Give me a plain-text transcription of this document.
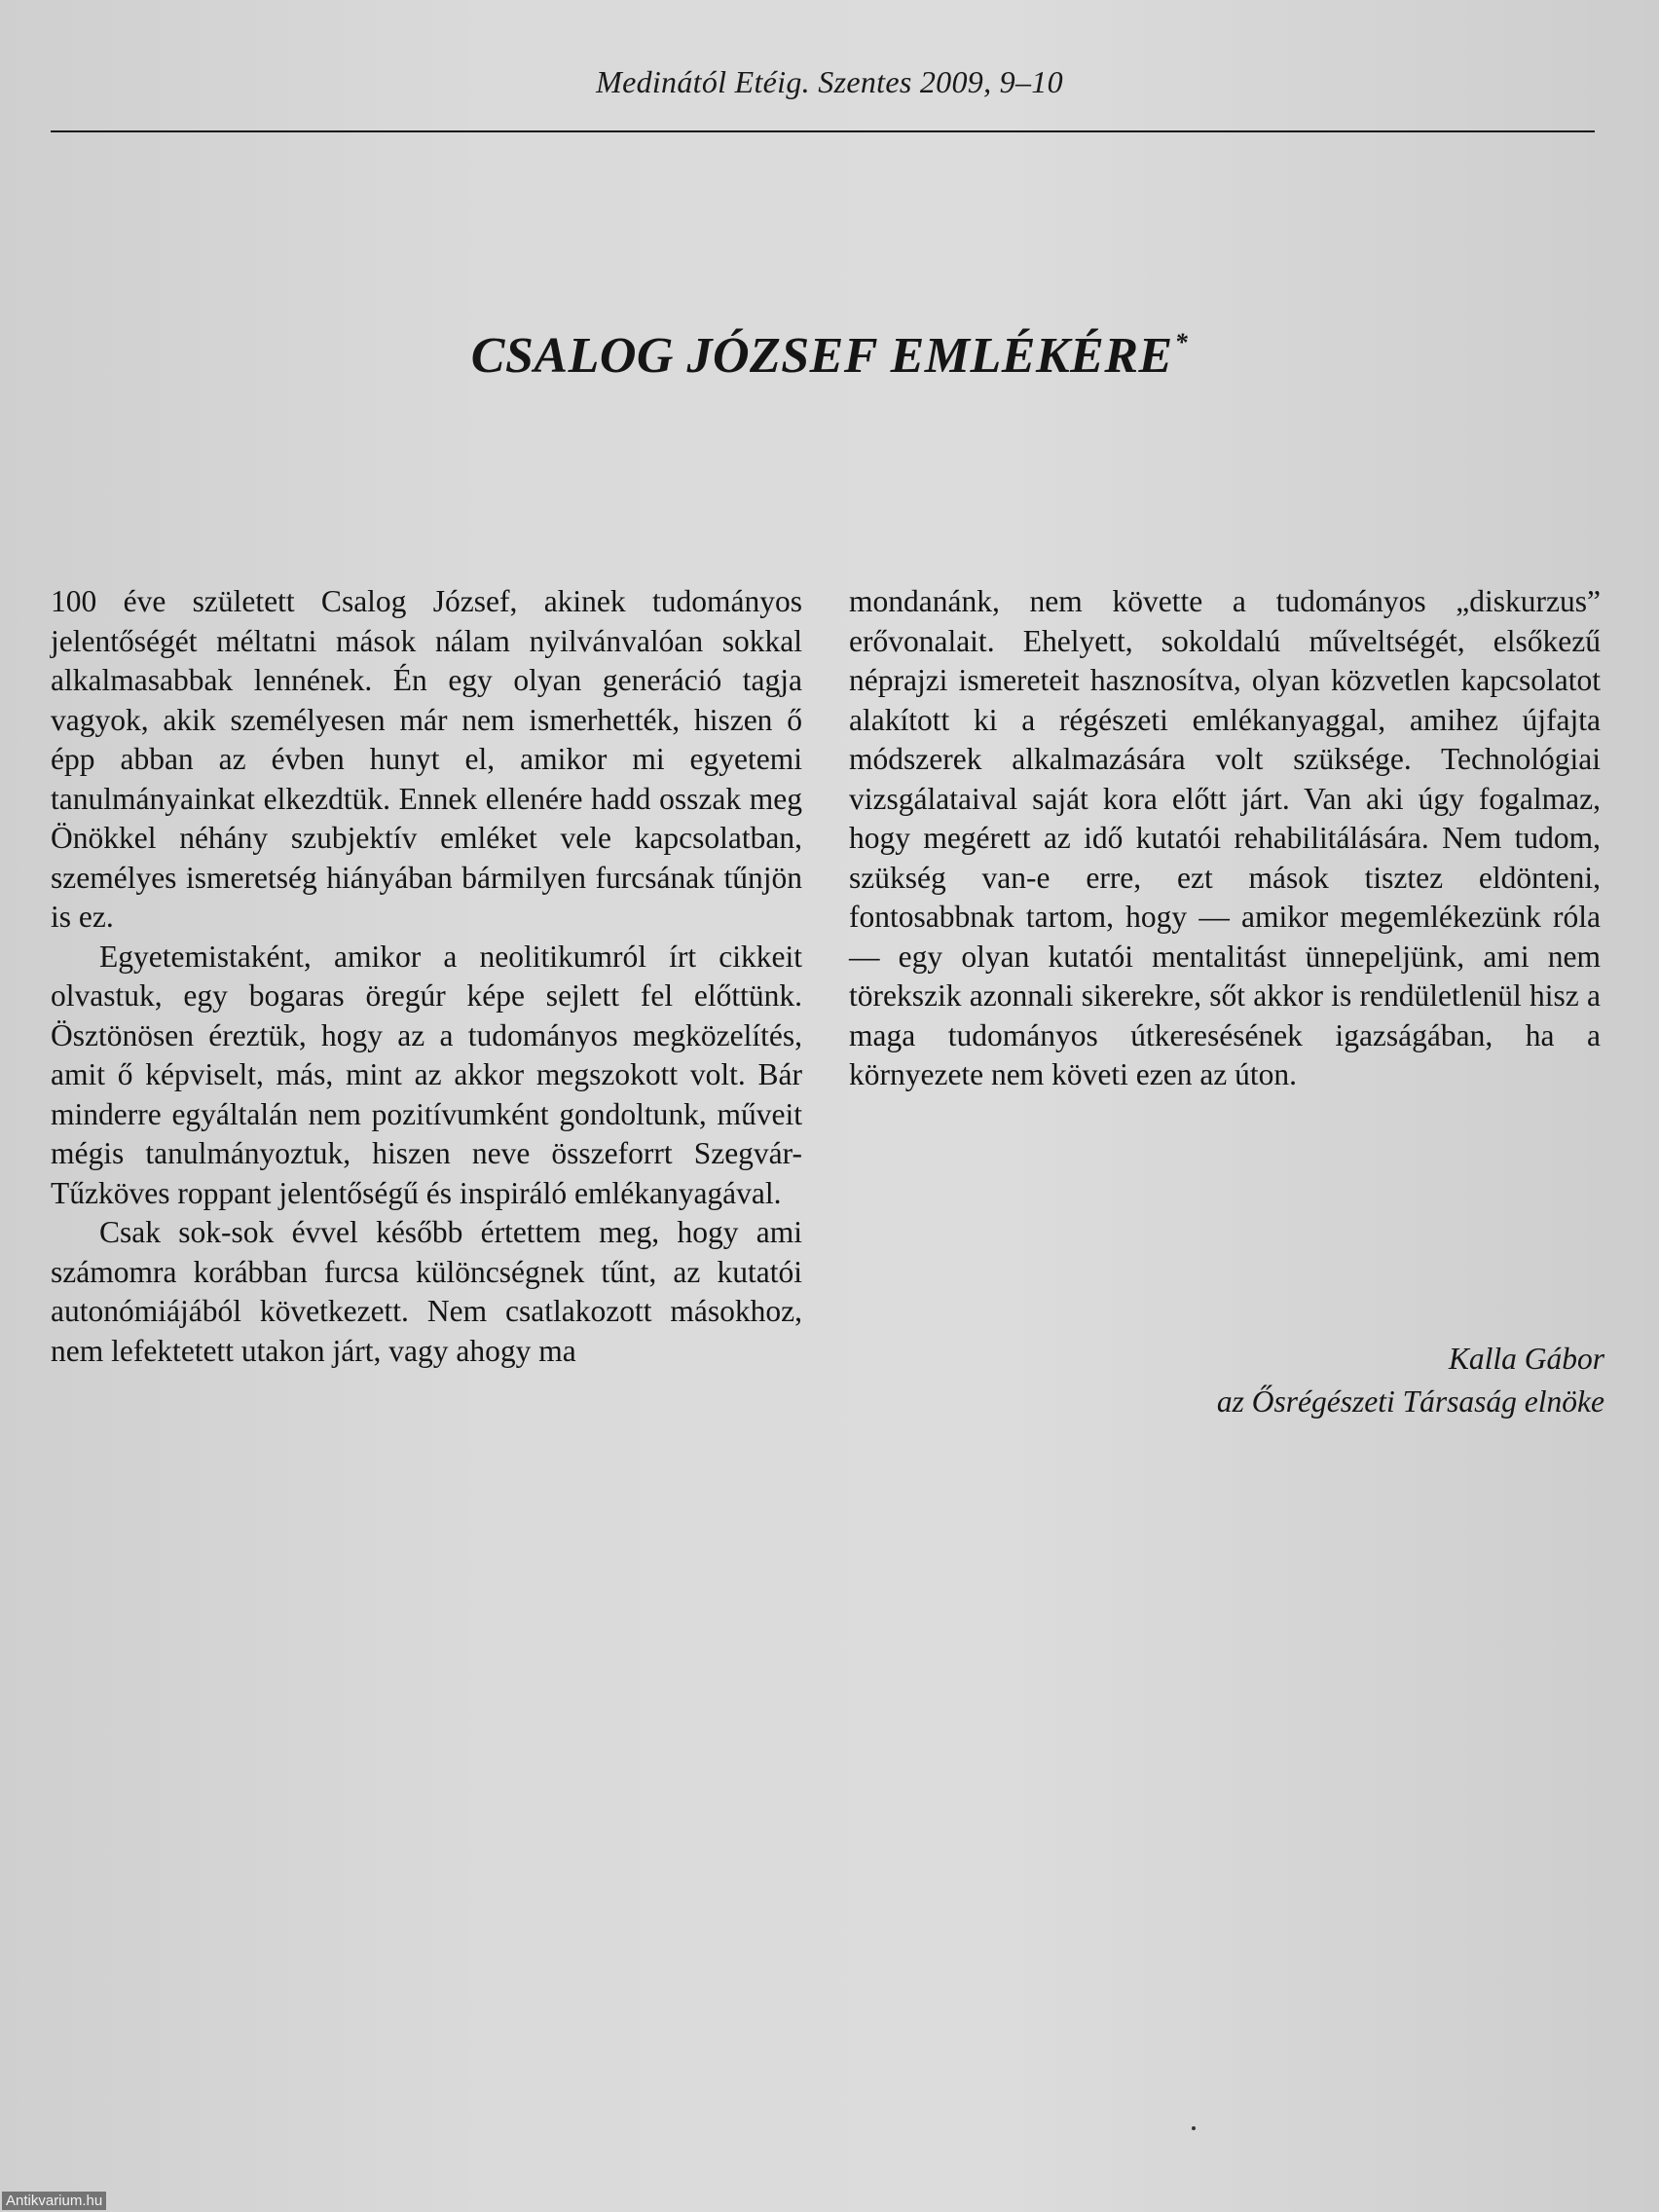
Medinától Etéig. Szentes 2009, 9–10
CSALOG JÓZSEF EMLÉKÉRE*

100 éve született Csalog József, akinek tudományos jelentőségét méltatni mások nálam nyilvánvalóan sokkal alkalmasabbak lennének. Én egy olyan generáció tagja vagyok, akik személyesen már nem ismerhették, hiszen ő épp abban az évben hunyt el, amikor mi egyetemi tanulmányainkat elkezdtük. Ennek ellenére hadd osszak meg Önökkel néhány szubjektív emléket vele kapcsolatban, személyes ismeretség hiányában bármilyen furcsának tűnjön is ez.

Egyetemistaként, amikor a neolitikumról írt cikkeit olvastuk, egy bogaras öregúr képe sejlett fel előttünk. Ösztönösen éreztük, hogy az a tudományos megközelítés, amit ő képviselt, más, mint az akkor megszokott volt. Bár minderre egyáltalán nem pozitívumként gondoltunk, műveit mégis tanulmányoztuk, hiszen neve összeforrt Szegvár-Tűzköves roppant jelentőségű és inspiráló emlékanyagával.

Csak sok-sok évvel később értettem meg, hogy ami számomra korábban furcsa különcségnek tűnt, az kutatói autonómiájából következett. Nem csatlakozott másokhoz, nem lefektetett utakon járt, vagy ahogy ma

mondanánk, nem követte a tudományos „diskurzus” erővonalait. Ehelyett, sokoldalú műveltségét, elsőkezű néprajzi ismereteit hasznosítva, olyan közvetlen kapcsolatot alakított ki a régészeti emlékanyaggal, amihez újfajta módszerek alkalmazására volt szüksége. Technológiai vizsgálataival saját kora előtt járt. Van aki úgy fogalmaz, hogy megérett az idő kutatói rehabilitálására. Nem tudom, szükség van-e erre, ezt mások tisztez eldönteni, fontosabbnak tartom, hogy — amikor megemlékezünk róla — egy olyan kutatói mentalitást ünnepeljünk, ami nem törekszik azonnali sikerekre, sőt akkor is rendületlenül hisz a maga tudományos útkeresésének igazságában, ha a környezete nem követi ezen az úton.

Kalla Gábor
az Ősrégészeti Társaság elnöke
Antikvarium.hu
